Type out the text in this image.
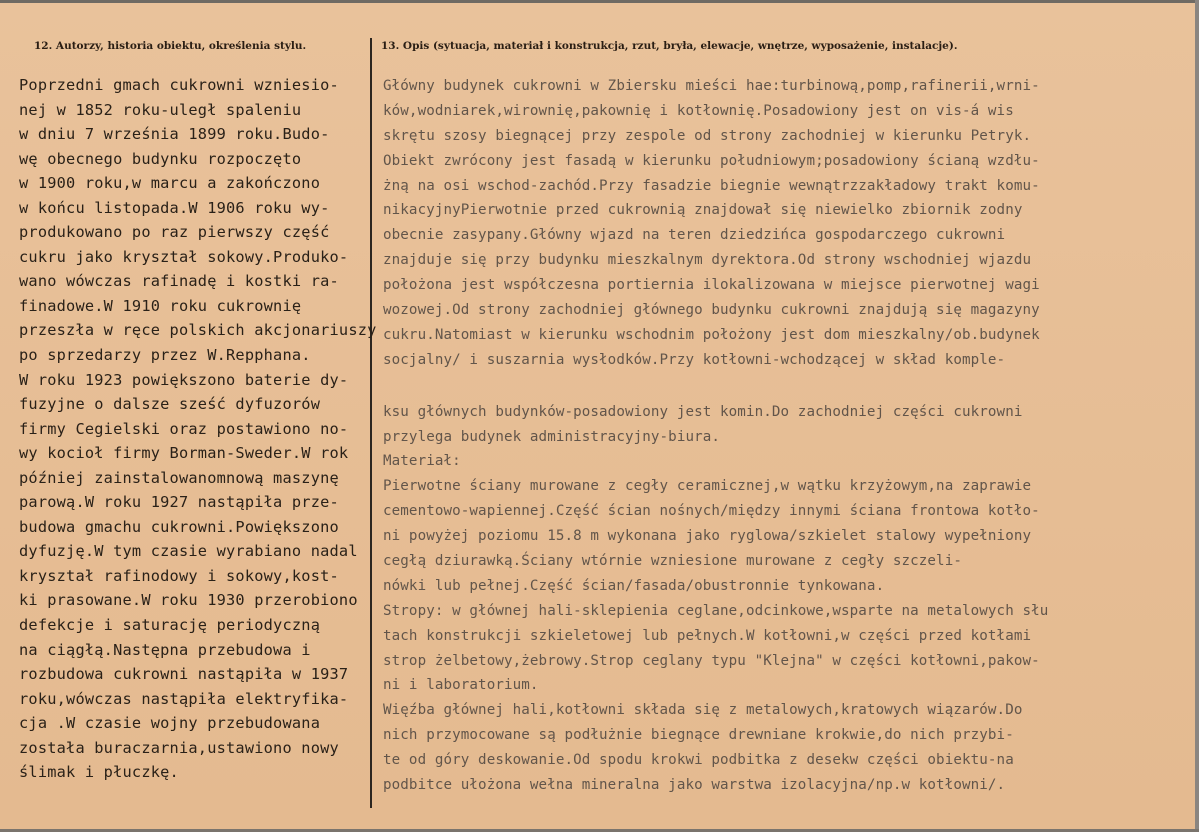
12. Autorzy, historia obiektu, określenia stylu.	13. Opis (sytuacja, materiał i konstrukcja, rzut, bryła, elewacje, wnętrze, wyposażenie, instalacje).
Poprzedni gmach cukrowni wzniesio-
nej w 1852 roku-uległ spaleniu
w dniu 7 września 1899 roku.Budo-
wę obecnego budynku rozpoczęto
w 1900 roku,w marcu a zakończono
w końcu listopada.W 1906 roku wy-
produkowano po raz pierwszy część
cukru jako kryształ sokowy.Produko-
wano wówczas rafinadę i kostki ra-
finadowe.W 1910 roku cukrownię
przeszła w ręce polskich akcjonariuszy
po sprzedarzy przez W.Repphana.
W roku 1923 powiększono baterie dy-
fuzyjne o dalsze sześć dyfuzorów
firmy Cegielski oraz postawiono no-
wy kocioł firmy Borman-Sweder.W rok
później zainstalowanomnową maszynę
parową.W roku 1927 nastąpiła prze-
budowa gmachu cukrowni.Powiększono
dyfuzję.W tym czasie wyrabiano nadal
kryształ rafinodowy i sokowy,kost-
ki prasowane.W roku 1930 przerobiono
defekcje i saturację periodyczną
na ciągłą.Następna przebudowa i
rozbudowa cukrowni nastąpiła w 1937
roku,wówczas nastąpiła elektryfika-
cja .W czasie wojny przebudowana
została buraczarnia,ustawiono nowy
ślimak i płuczkę.
Główny budynek cukrowni w Zbiersku mieści hae:turbinową,pomp,rafinerii,wrni-
ków,wodniarek,wirownię,pakownię i kotłownię.Posadowiony jest on vis-á wis
skrętu szosy biegnącej przy zespole od strony zachodniej w kierunku Petryk.
Obiekt zwrócony jest fasadą w kierunku południowym;posadowiony ścianą wzdłu-
żną na osi wschod-zachód.Przy fasadzie biegnie wewnątrzzakładowy trakt komu-
nikacyjnyPierwotnie przed cukrownią znajdował się niewielko zbiornik zodny
obecnie zasypany.Główny wjazd na teren dziedzińca gospodarczego cukrowni
znajduje się przy budynku mieszkalnym dyrektora.Od strony wschodniej wjazdu
położona jest współczesna portiernia ilokalizowana w miejsce pierwotnej wagi
wozowej.Od strony zachodniej głównego budynku cukrowni znajdują się magazyny
cukru.Natomiast w kierunku wschodnim położony jest dom mieszkalny/ob.budynek
socjalny/ i suszarnia wysłodków.Przy kotłowni-wchodzącej w skład komple-
ksu głównych budynków-posadowiony jest komin.Do zachodniej części cukrowni
przylega budynek administracyjny-biura.
Materiał:
Pierwotne ściany murowane z cegły ceramicznej,w wątku krzyżowym,na zaprawie
cementowo-wapiennej.Część ścian nośnych/między innymi ściana frontowa kotło-
ni powyżej poziomu 15.8 m wykonana jako ryglowa/szkielet stalowy wypełniony
cegłą dziurawką.Ściany wtórnie wzniesione murowane z cegły szczeli-
nówki lub pełnej.Część ścian/fasada/obustronnie tynkowana.
Stropy: w głównej hali-sklepienia ceglane,odcinkowe,wsparte na metalowych słu
tach konstrukcji szkieletowej lub pełnych.W kotłowni,w części przed kotłami
strop żelbetowy,żebrowy.Strop ceglany typu "Klejna" w części kotłowni,pakow-
ni i laboratorium.
Więźba głównej hali,kotłowni składa się z metalowych,kratowych wiązarów.Do
nich przymocowane są podłużnie biegnące drewniane krokwie,do nich przybi-
te od góry deskowanie.Od spodu krokwi podbitka z desekw części obiektu-na
podbitce ułożona wełna mineralna jako warstwa izolacyjna/np.w kotłowni/.
